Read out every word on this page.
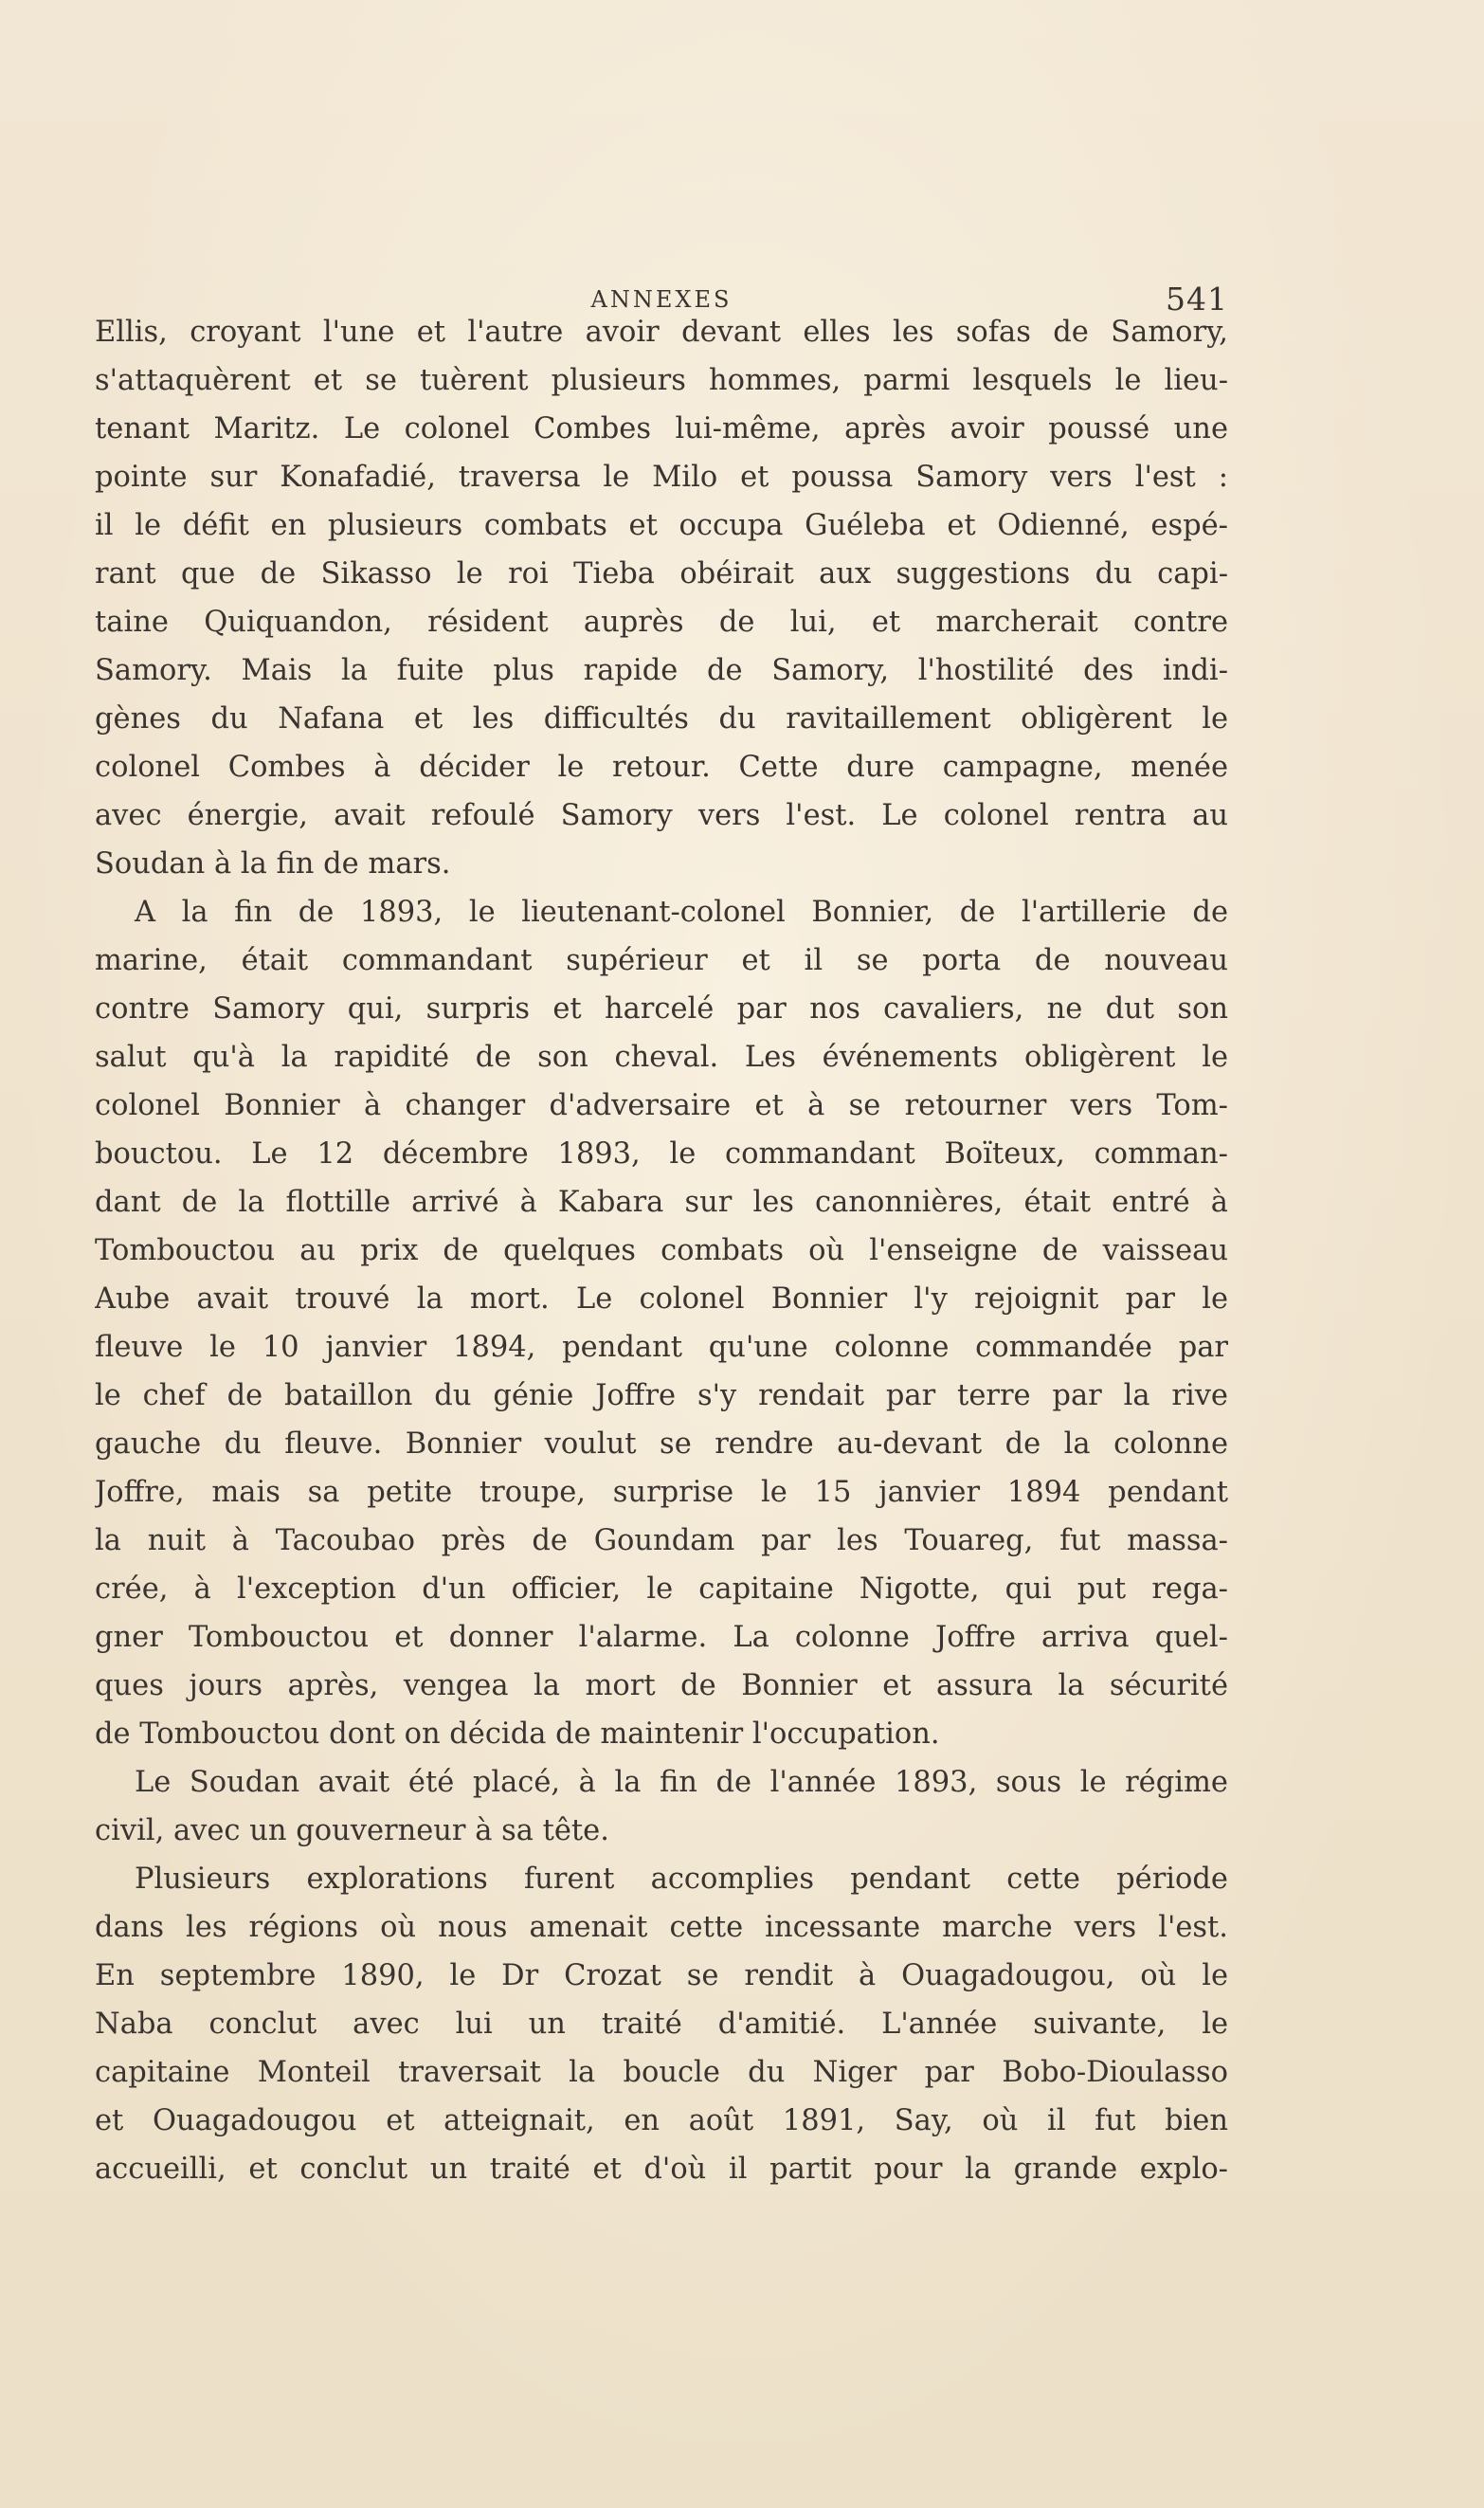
ANNEXES	541
Ellis, croyant l'une et l'autre avoir devant elles les sofas de Samory,
s'attaquèrent et se tuèrent plusieurs hommes, parmi lesquels le lieu-
tenant Maritz. Le colonel Combes lui-même, après avoir poussé une
pointe sur Konafadié, traversa le Milo et poussa Samory vers l'est :
il le défit en plusieurs combats et occupa Guéleba et Odienné, espé-
rant que de Sikasso le roi Tieba obéirait aux suggestions du capi-
taine Quiquandon, résident auprès de lui, et marcherait contre
Samory. Mais la fuite plus rapide de Samory, l'hostilité des indi-
gènes du Nafana et les difficultés du ravitaillement obligèrent le
colonel Combes à décider le retour. Cette dure campagne, menée
avec énergie, avait refoulé Samory vers l'est. Le colonel rentra au
Soudan à la fin de mars.
A la fin de 1893, le lieutenant-colonel Bonnier, de l'artillerie de
marine, était commandant supérieur et il se porta de nouveau
contre Samory qui, surpris et harcelé par nos cavaliers, ne dut son
salut qu'à la rapidité de son cheval. Les événements obligèrent le
colonel Bonnier à changer d'adversaire et à se retourner vers Tom-
bouctou. Le 12 décembre 1893, le commandant Boïteux, comman-
dant de la flottille arrivé à Kabara sur les canonnières, était entré à
Tombouctou au prix de quelques combats où l'enseigne de vaisseau
Aube avait trouvé la mort. Le colonel Bonnier l'y rejoignit par le
fleuve le 10 janvier 1894, pendant qu'une colonne commandée par
le chef de bataillon du génie Joffre s'y rendait par terre par la rive
gauche du fleuve. Bonnier voulut se rendre au-devant de la colonne
Joffre, mais sa petite troupe, surprise le 15 janvier 1894 pendant
la nuit à Tacoubao près de Goundam par les Touareg, fut massa-
crée, à l'exception d'un officier, le capitaine Nigotte, qui put rega-
gner Tombouctou et donner l'alarme. La colonne Joffre arriva quel-
ques jours après, vengea la mort de Bonnier et assura la sécurité
de Tombouctou dont on décida de maintenir l'occupation.
Le Soudan avait été placé, à la fin de l'année 1893, sous le régime
civil, avec un gouverneur à sa tête.
Plusieurs explorations furent accomplies pendant cette période
dans les régions où nous amenait cette incessante marche vers l'est.
En septembre 1890, le Dr Crozat se rendit à Ouagadougou, où le
Naba conclut avec lui un traité d'amitié. L'année suivante, le
capitaine Monteil traversait la boucle du Niger par Bobo-Dioulasso
et Ouagadougou et atteignait, en août 1891, Say, où il fut bien
accueilli, et conclut un traité et d'où il partit pour la grande explo-
